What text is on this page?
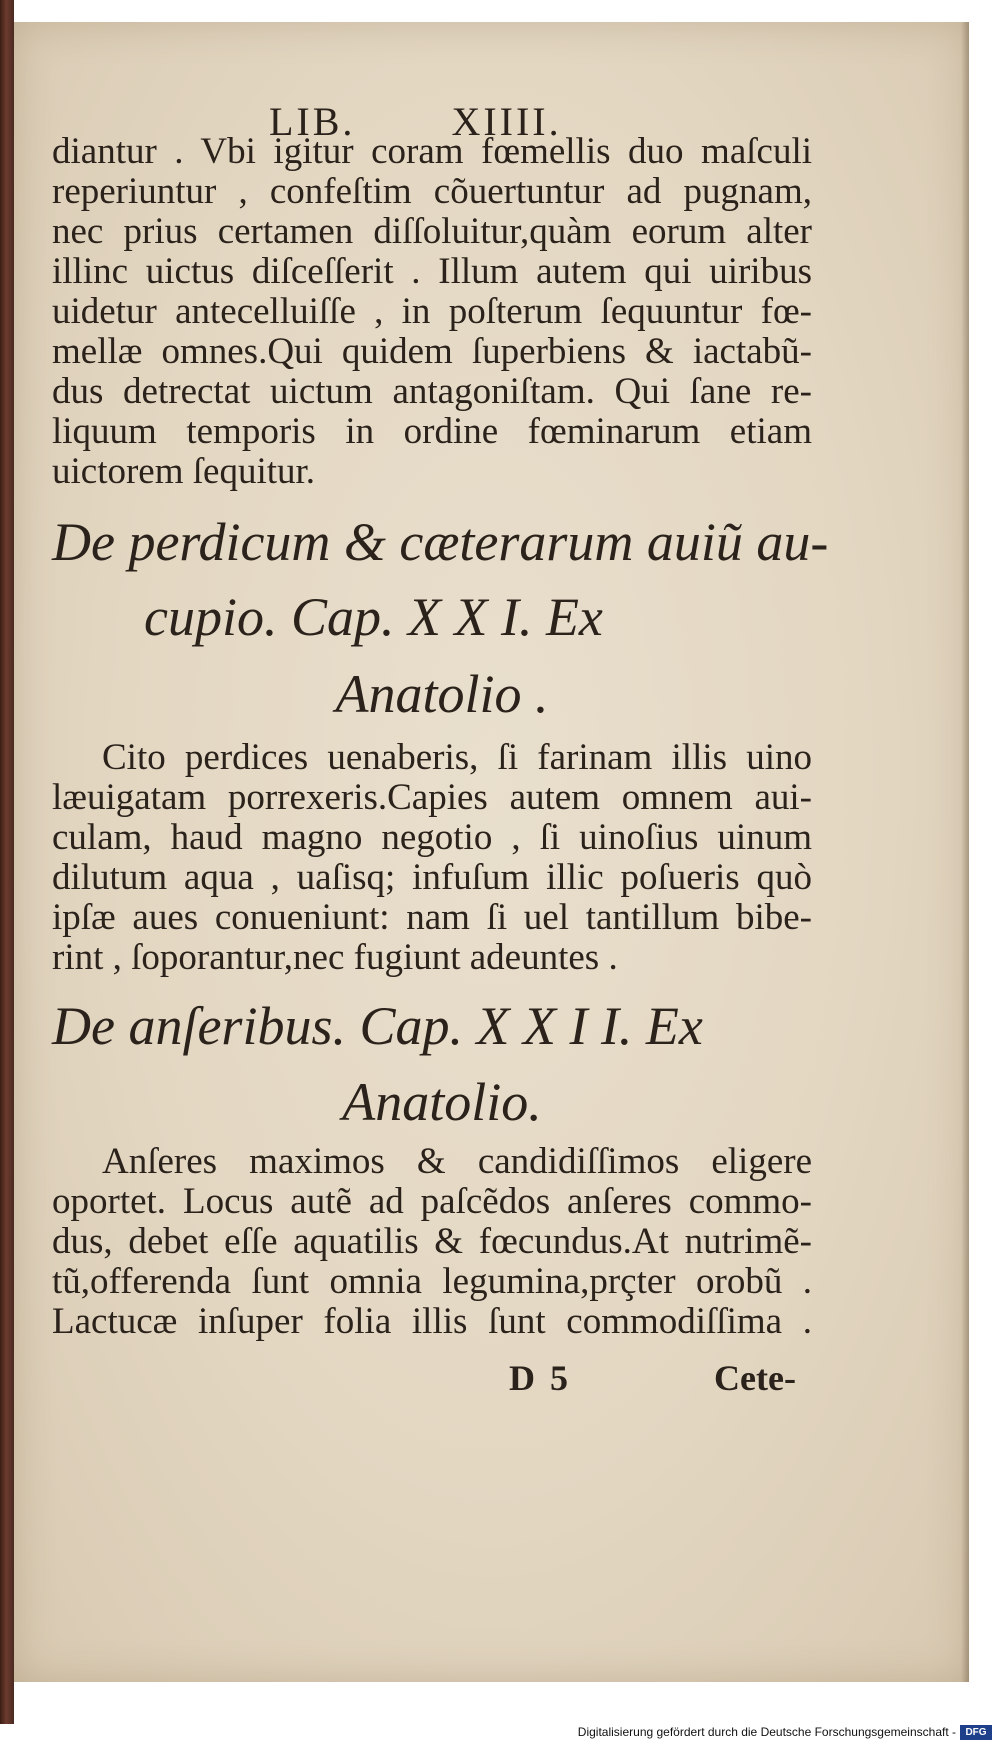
LIB. XIIII.
diantur . Vbi igitur coram fœmellis duo maſculi
reperiuntur , confeſtim cõuertuntur ad pugnam,
nec prius certamen diſſoluitur,quàm eorum alter
illinc uictus diſceſſerit . Illum autem qui uiribus
uidetur antecelluiſſe , in poſterum ſequuntur fœ-
mellæ omnes.Qui quidem ſuperbiens & iactabũ-
dus detrectat uictum antagoniſtam. Qui ſane re-
liquum temporis in ordine fœminarum etiam
uictorem ſequitur.
De perdicum & cæterarum auiũ au-
cupio. Cap. X X I. Ex
Anatolio .
Cito perdices uenaberis, ſi farinam illis uino
læuigatam porrexeris.Capies autem omnem aui-
culam, haud magno negotio , ſi uinoſius uinum
dilutum aqua , uaſisq; infuſum illic poſueris quò
ipſæ aues conueniunt: nam ſi uel tantillum bibe-
rint , ſoporantur,nec fugiunt adeuntes .
De anſeribus. Cap. X X I I. Ex
Anatolio.
Anſeres maximos & candidiſſimos eligere
oportet. Locus autẽ ad paſcẽdos anſeres commo-
dus, debet eſſe aquatilis & fœcundus.At nutrimẽ-
tũ,offerenda ſunt omnia legumina,prçter orobũ .
Lactucæ inſuper folia illis ſunt commodiſſima .
D 5	Cete-
Digitalisierung gefördert durch die Deutsche Forschungsgemeinschaft - DFG
